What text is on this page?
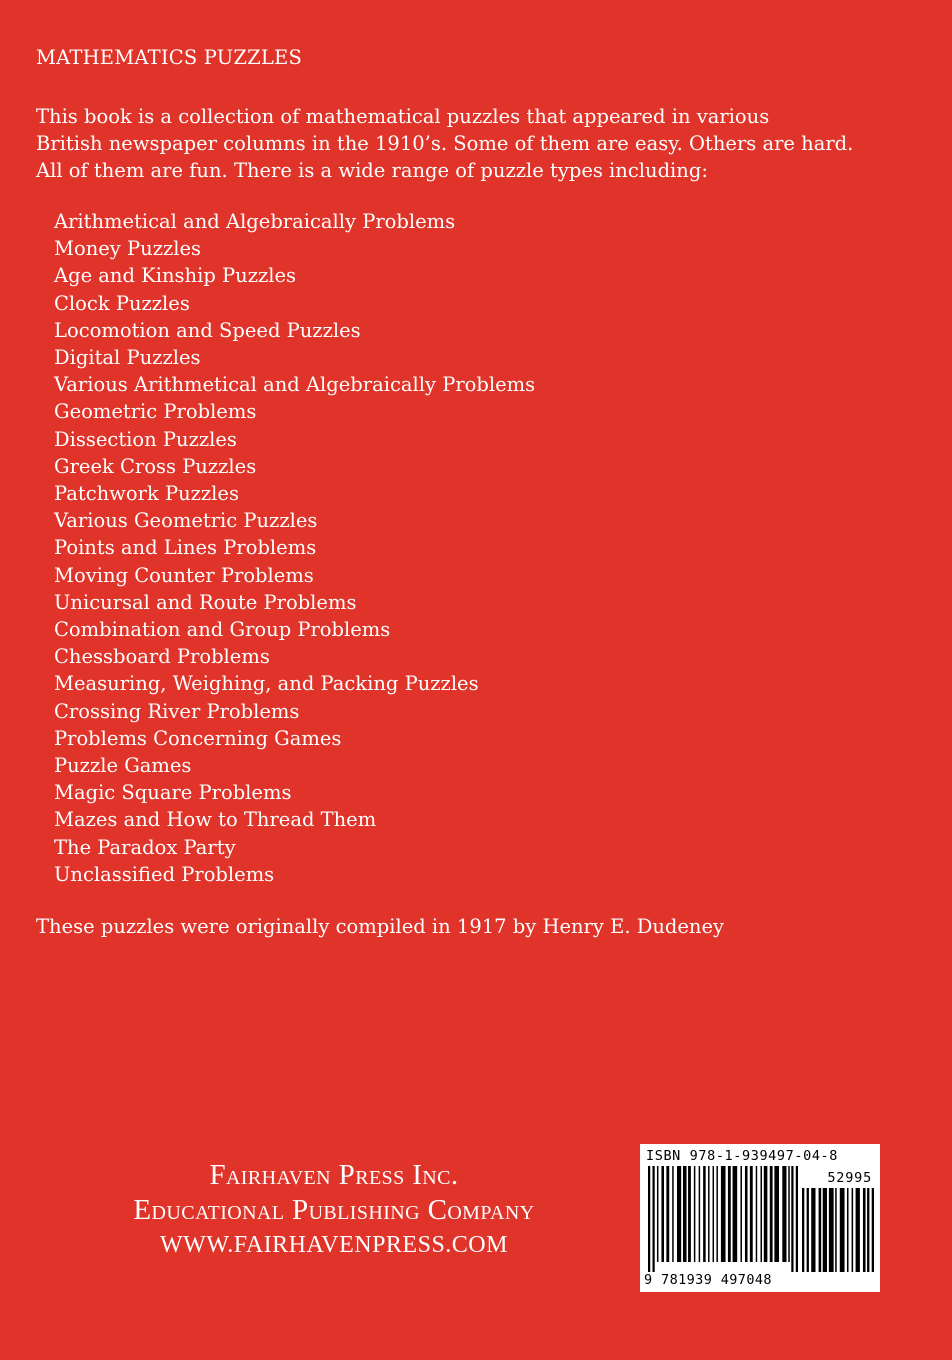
MATHEMATICS PUZZLES
This book is a collection of mathematical puzzles that appeared in various
British newspaper columns in the 1910’s. Some of them are easy. Others are hard.
All of them are fun. There is a wide range of puzzle types including:
Arithmetical and Algebraically Problems
Money Puzzles
Age and Kinship Puzzles
Clock Puzzles
Locomotion and Speed Puzzles
Digital Puzzles
Various Arithmetical and Algebraically Problems
Geometric Problems
Dissection Puzzles
Greek Cross Puzzles
Patchwork Puzzles
Various Geometric Puzzles
Points and Lines Problems
Moving Counter Problems
Unicursal and Route Problems
Combination and Group Problems
Chessboard Problems
Measuring, Weighing, and Packing Puzzles
Crossing River Problems
Problems Concerning Games
Puzzle Games
Magic Square Problems
Mazes and How to Thread Them
The Paradox Party
Unclassified Problems
These puzzles were originally compiled in 1917 by Henry E. Dudeney
Fairhaven Press Inc.
Educational Publishing Company
WWW.FAIRHAVENPRESS.COM
ISBN 978-1-939497-04-8
52995
9 781939 497048
